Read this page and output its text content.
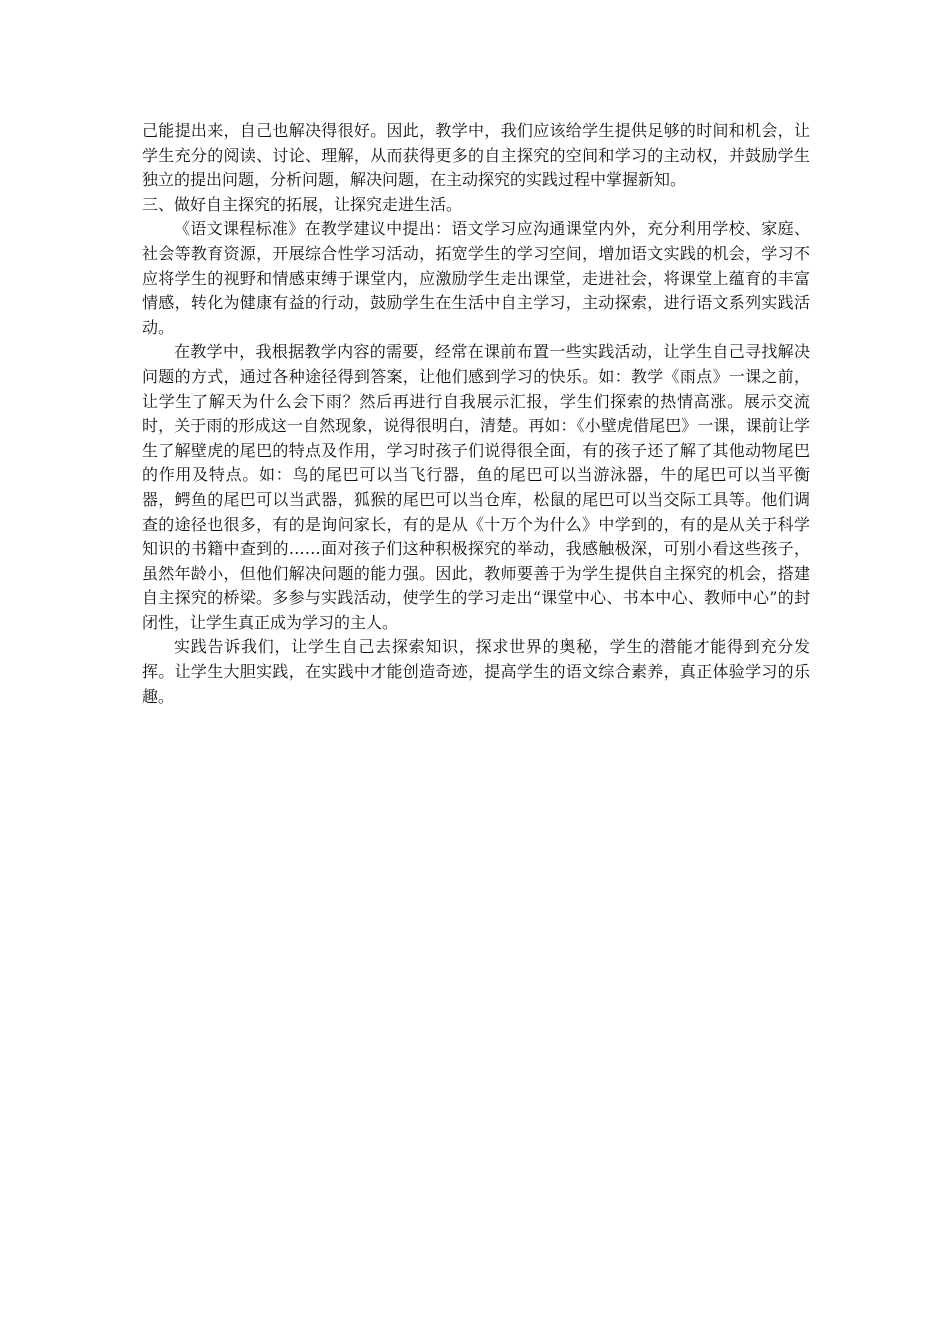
己能提出来，自己也解决得很好。因此，教学中，我们应该给学生提供足够的时间和机会，让学生充分的阅读、讨论、理解，从而获得更多的自主探究的空间和学习的主动权，并鼓励学生独立的提出问题，分析问题，解决问题，在主动探究的实践过程中掌握新知。

三、做好自主探究的拓展，让探究走进生活。

《语文课程标准》在教学建议中提出：语文学习应沟通课堂内外，充分利用学校、家庭、社会等教育资源，开展综合性学习活动，拓宽学生的学习空间，增加语文实践的机会，学习不应将学生的视野和情感束缚于课堂内，应激励学生走出课堂，走进社会，将课堂上蕴育的丰富情感，转化为健康有益的行动，鼓励学生在生活中自主学习，主动探索，进行语文系列实践活动。

在教学中，我根据教学内容的需要，经常在课前布置一些实践活动，让学生自己寻找解决问题的方式，通过各种途径得到答案，让他们感到学习的快乐。如：教学《雨点》一课之前，让学生了解天为什么会下雨？然后再进行自我展示汇报，学生们探索的热情高涨。展示交流时，关于雨的形成这一自然现象，说得很明白，清楚。再如：《小壁虎借尾巴》一课，课前让学生了解壁虎的尾巴的特点及作用，学习时孩子们说得很全面，有的孩子还了解了其他动物尾巴的作用及特点。如：鸟的尾巴可以当飞行器，鱼的尾巴可以当游泳器，牛的尾巴可以当平衡器，鳄鱼的尾巴可以当武器，狐猴的尾巴可以当仓库，松鼠的尾巴可以当交际工具等。他们调查的途径也很多，有的是询问家长，有的是从《十万个为什么》中学到的，有的是从关于科学知识的书籍中查到的……面对孩子们这种积极探究的举动，我感触极深，可别小看这些孩子，虽然年龄小，但他们解决问题的能力强。因此，教师要善于为学生提供自主探究的机会，搭建自主探究的桥梁。多参与实践活动，使学生的学习走出“课堂中心、书本中心、教师中心”的封闭性，让学生真正成为学习的主人。

实践告诉我们，让学生自己去探索知识，探求世界的奥秘，学生的潜能才能得到充分发挥。让学生大胆实践，在实践中才能创造奇迹，提高学生的语文综合素养，真正体验学习的乐趣。
